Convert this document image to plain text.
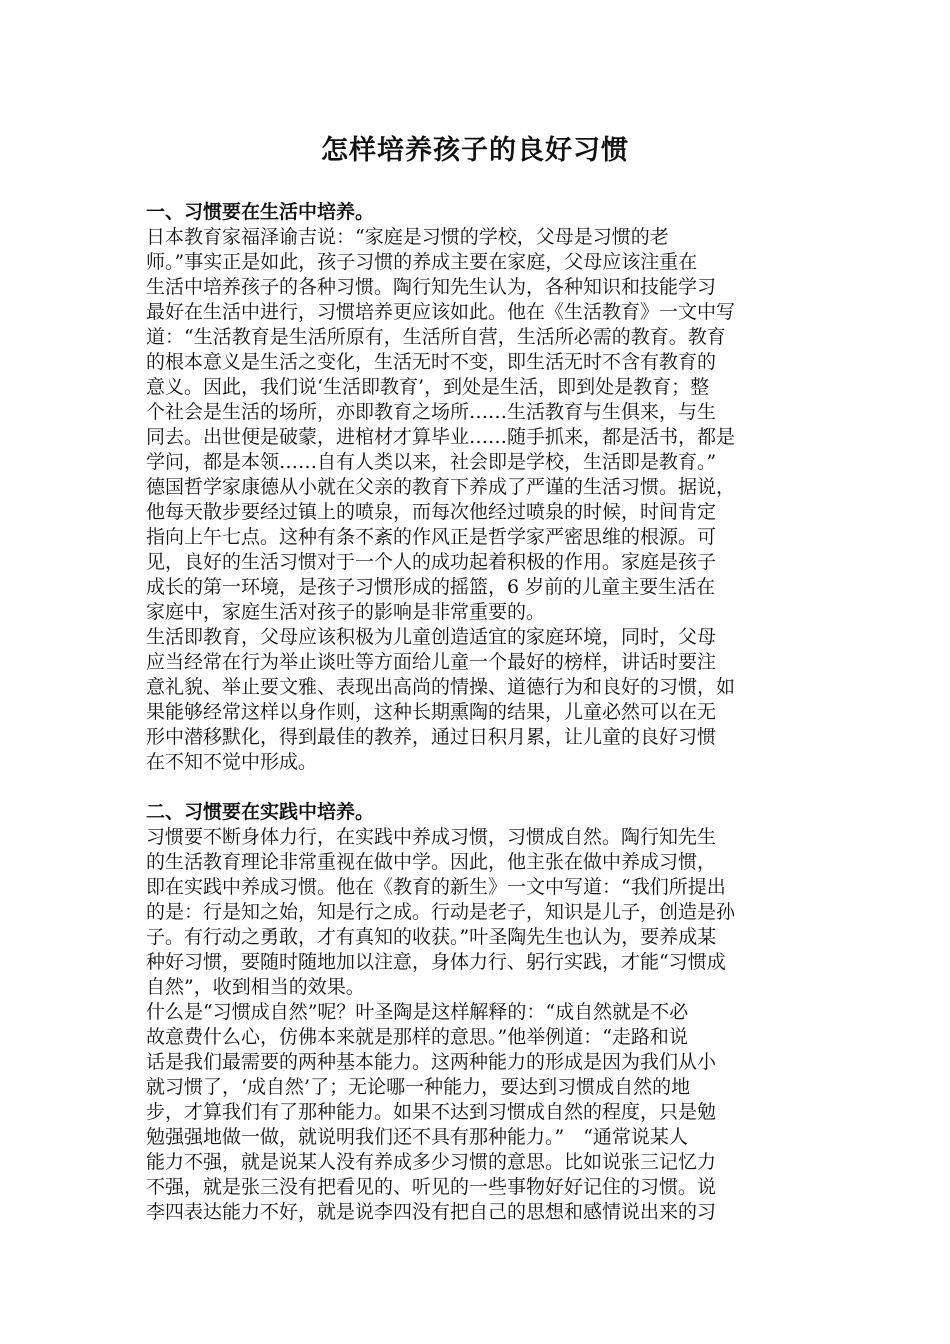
怎样培养孩子的良好习惯
一、习惯要在生活中培养。
日本教育家福泽谕吉说：“家庭是习惯的学校，父母是习惯的老
师。”事实正是如此，孩子习惯的养成主要在家庭，父母应该注重在
生活中培养孩子的各种习惯。陶行知先生认为，各种知识和技能学习
最好在生活中进行，习惯培养更应该如此。他在《生活教育》一文中写
道：“生活教育是生活所原有，生活所自营，生活所必需的教育。教育
的根本意义是生活之变化，生活无时不变，即生活无时不含有教育的
意义。因此，我们说‘生活即教育’，到处是生活，即到处是教育；整
个社会是生活的场所，亦即教育之场所……生活教育与生俱来，与生
同去。出世便是破蒙，进棺材才算毕业……随手抓来，都是活书，都是
学问，都是本领……自有人类以来，社会即是学校，生活即是教育。”
德国哲学家康德从小就在父亲的教育下养成了严谨的生活习惯。据说，
他每天散步要经过镇上的喷泉，而每次他经过喷泉的时候，时间肯定
指向上午七点。这种有条不紊的作风正是哲学家严密思维的根源。可
见，良好的生活习惯对于一个人的成功起着积极的作用。家庭是孩子
成长的第一环境，是孩子习惯形成的摇篮，6 岁前的儿童主要生活在
家庭中，家庭生活对孩子的影响是非常重要的。
生活即教育，父母应该积极为儿童创造适宜的家庭环境，同时，父母
应当经常在行为举止谈吐等方面给儿童一个最好的榜样，讲话时要注
意礼貌、举止要文雅、表现出高尚的情操、道德行为和良好的习惯，如
果能够经常这样以身作则，这种长期熏陶的结果，儿童必然可以在无
形中潜移默化，得到最佳的教养，通过日积月累，让儿童的良好习惯
在不知不觉中形成。
二、习惯要在实践中培养。
习惯要不断身体力行，在实践中养成习惯，习惯成自然。陶行知先生
的生活教育理论非常重视在做中学。因此，他主张在做中养成习惯，
即在实践中养成习惯。他在《教育的新生》一文中写道：“我们所提出
的是：行是知之始，知是行之成。行动是老子，知识是儿子，创造是孙
子。有行动之勇敢，才有真知的收获。”叶圣陶先生也认为，要养成某
种好习惯，要随时随地加以注意，身体力行、躬行实践，才能“习惯成
自然”，收到相当的效果。
什么是“习惯成自然”呢？叶圣陶是这样解释的：“成自然就是不必
故意费什么心，仿佛本来就是那样的意思。”他举例道：“走路和说
话是我们最需要的两种基本能力。这两种能力的形成是因为我们从小
就习惯了，‘成自然’了；无论哪一种能力，要达到习惯成自然的地
步，才算我们有了那种能力。如果不达到习惯成自然的程度，只是勉
勉强强地做一做，就说明我们还不具有那种能力。”　“通常说某人
能力不强，就是说某人没有养成多少习惯的意思。比如说张三记忆力
不强，就是张三没有把看见的、听见的一些事物好好记住的习惯。说
李四表达能力不好，就是说李四没有把自己的思想和感情说出来的习
